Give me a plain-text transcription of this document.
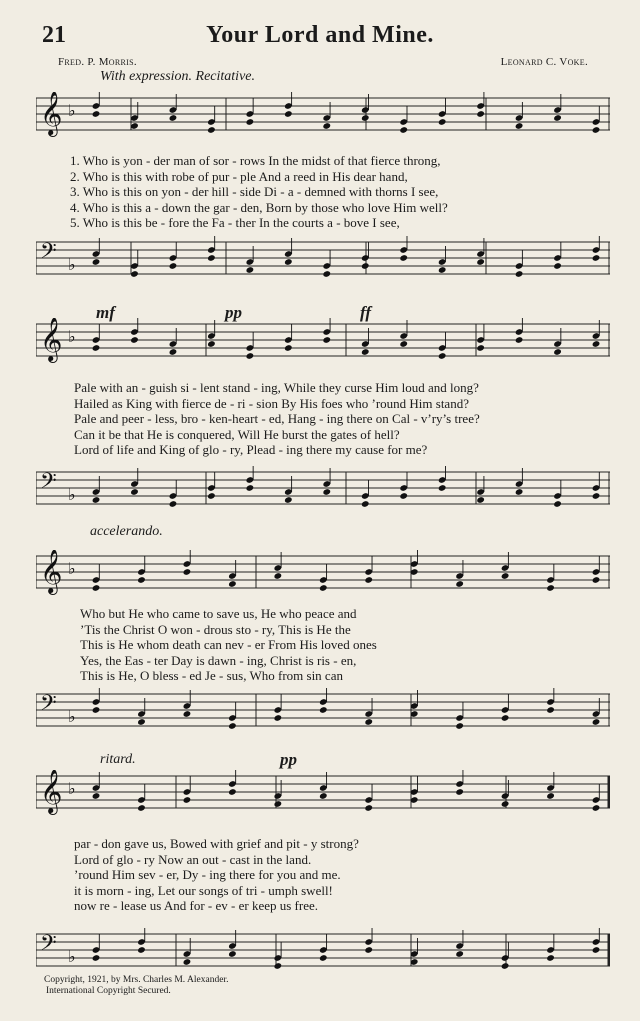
21	Your Lord and Mine.
Fred. P. Morris.	Leonard C. Voke.
With expression. Recitative.
mf	pp	ff
accelerando.
ritard.	pp
𝄞 ♭
𝄢 ♭
𝄞 ♭
𝄢 ♭
𝄞 ♭
𝄢 ♭
𝄞 ♭
𝄢 ♭
1. Who is yon - der man of sor - rows In the midst of that fierce throng,
2. Who is this with robe of pur - ple And a reed in His dear hand,
3. Who is this on yon - der hill - side Di - a - demned with thorns I see,
4. Who is this a - down the gar - den, Born by those who love Him well?
5. Who is this be - fore the Fa - ther In the courts a - bove I see,
Pale with an - guish si - lent stand - ing, While they curse Him loud and long?
Hailed as King with fierce de - ri - sion By His foes who ’round Him stand?
Pale and peer - less, bro - ken-heart - ed, Hang - ing there on Cal - v’ry’s tree?
Can it be that He is conquered, Will He burst the gates of hell?
Lord of life and King of glo - ry, Plead - ing there my cause for me?
Who but He who came to save us, He who peace and
’Tis the Christ O won - drous sto - ry, This is He the
This is He whom death can nev - er From His loved ones
Yes, the Eas - ter Day is dawn - ing, Christ is ris - en,
This is He, O bless - ed Je - sus, Who from sin can
par - don gave us, Bowed with grief and pit - y strong?
Lord of glo - ry Now an out - cast in the land.
’round Him sev - er, Dy - ing there for you and me.
it is morn - ing, Let our songs of tri - umph swell!
now re - lease us And for - ev - er keep us free.
Copyright, 1921, by Mrs. Charles M. Alexander.
International Copyright Secured.
